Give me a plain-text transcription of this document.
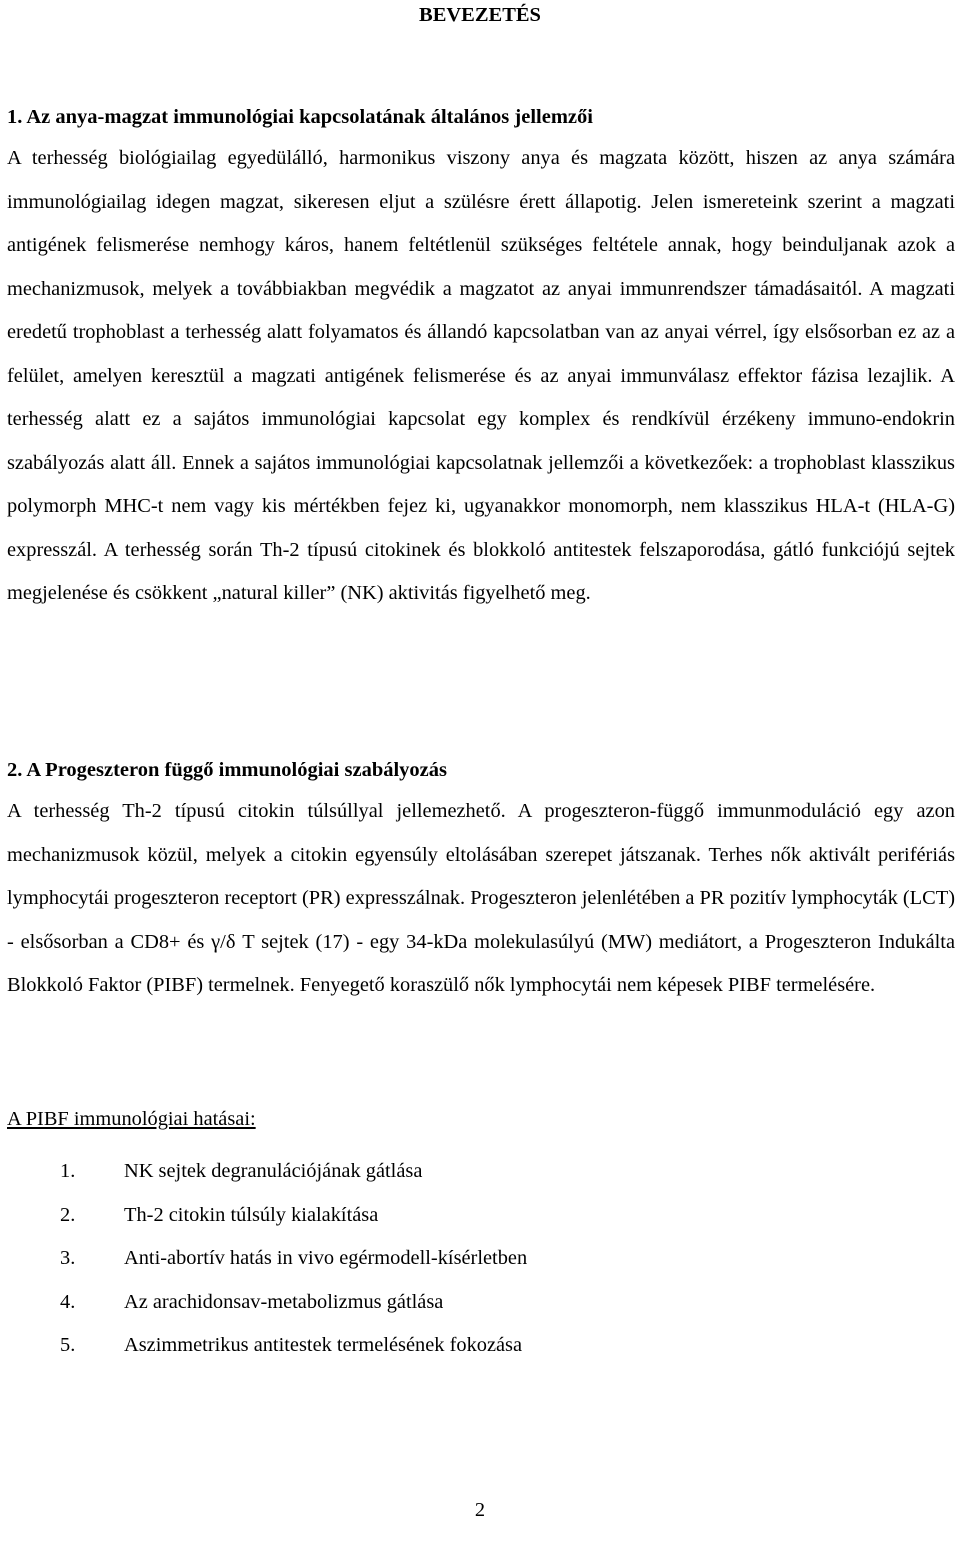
BEVEZETÉS
1. Az anya-magzat immunológiai kapcsolatának általános jellemzői

A terhesség biológiailag egyedülálló, harmonikus viszony anya és magzata között, hiszen az anya számára immunológiailag idegen magzat, sikeresen eljut a szülésre érett állapotig. Jelen ismereteink szerint a magzati antigének felismerése nemhogy káros, hanem feltétlenül szükséges feltétele annak, hogy beinduljanak azok a mechanizmusok, melyek a továbbiakban megvédik a magzatot az anyai immunrendszer támadásaitól. A magzati eredetű trophoblast a terhesség alatt folyamatos és állandó kapcsolatban van az anyai vérrel, így elsősorban ez az a felület, amelyen keresztül a magzati antigének felismerése és az anyai immunválasz effektor fázisa lezajlik. A terhesség alatt ez a sajátos immunológiai kapcsolat egy komplex és rendkívül érzékeny immuno-endokrin szabályozás alatt áll. Ennek a sajátos immunológiai kapcsolatnak jellemzői a következőek: a trophoblast klasszikus polymorph MHC-t nem vagy kis mértékben fejez ki, ugyanakkor monomorph, nem klasszikus HLA-t (HLA-G) expresszál. A terhesség során Th-2 típusú citokinek és blokkoló antitestek felszaporodása, gátló funkciójú sejtek megjelenése és csökkent „natural killer” (NK) aktivitás figyelhető meg.

2. A Progeszteron függő immunológiai szabályozás

A terhesség Th-2 típusú citokin túlsúllyal jellemezhető. A progeszteron-függő immunmoduláció egy azon mechanizmusok közül, melyek a citokin egyensúly eltolásában szerepet játszanak. Terhes nők aktivált perifériás lymphocytái progeszteron receptort (PR) expresszálnak. Progeszteron jelenlétében a PR pozitív lymphocyták (LCT) - elsősorban a CD8+ és γ/δ T sejtek (17) - egy 34-kDa molekulasúlyú (MW) mediátort, a Progeszteron Indukálta Blokkoló Faktor (PIBF) termelnek. Fenyegető koraszülő nők lymphocytái nem képesek PIBF termelésére.

A PIBF immunológiai hatásai:
1. NK sejtek degranulációjának gátlása
2. Th-2 citokin túlsúly kialakítása
3. Anti-abortív hatás in vivo egérmodell-kísérletben
4. Az arachidonsav-metabolizmus gátlása
5. Aszimmetrikus antitestek termelésének fokozása
2
